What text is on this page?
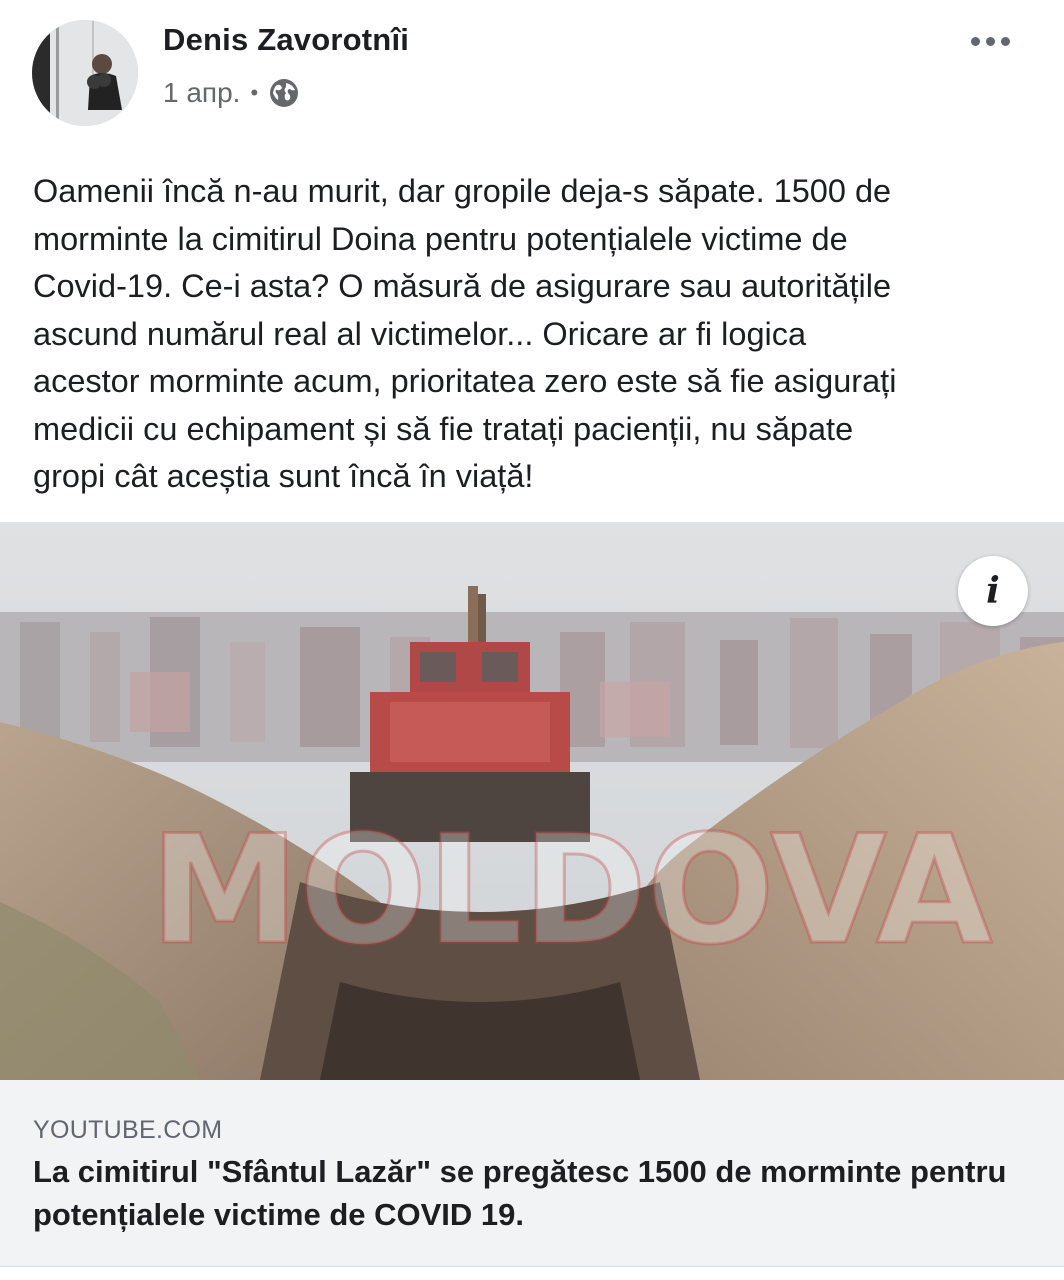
Denis Zavorotnîi
1 апр. •

Oamenii încă n-au murit, dar gropile deja-s săpate. 1500 de
morminte la cimitirul Doina pentru potențialele victime de
Covid-19. Ce-i asta? O măsură de asigurare sau autoritățile
ascund numărul real al victimelor... Oricare ar fi logica
acestor morminte acum, prioritatea zero este să fie asigurați
medicii cu echipament și să fie tratați pacienții, nu săpate
gropi cât aceștia sunt încă în viață!

MOLDOVA
i
YOUTUBE.COM
La cimitirul "Sfântul Lazăr" se pregătesc 1500 de morminte pentru potențialele victime de COVID 19.
